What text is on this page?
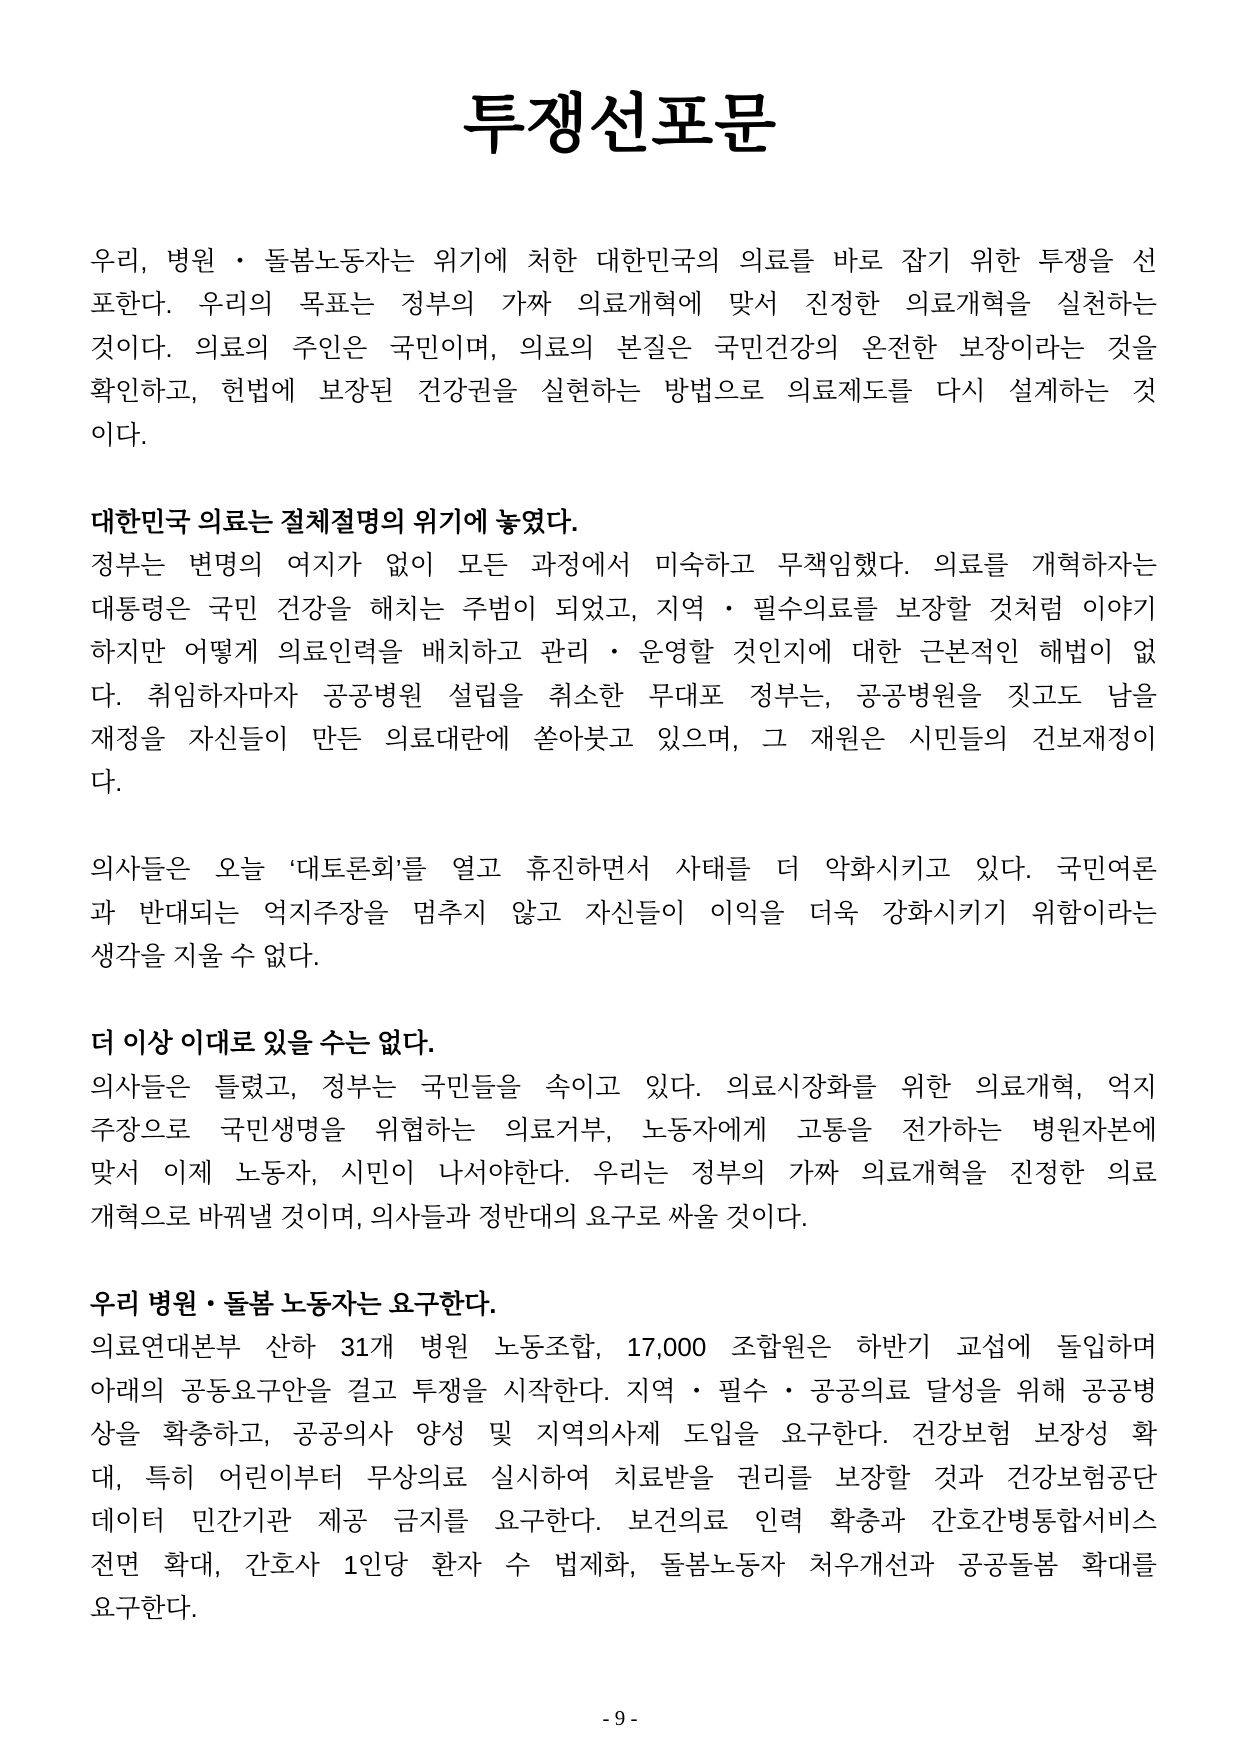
투쟁선포문
우리, 병원・돌봄노동자는 위기에 처한 대한민국의 의료를 바로 잡기 위한 투쟁을 선
포한다. 우리의 목표는 정부의 가짜 의료개혁에 맞서 진정한 의료개혁을 실천하는
것이다. 의료의 주인은 국민이며, 의료의 본질은 국민건강의 온전한 보장이라는 것을
확인하고, 헌법에 보장된 건강권을 실현하는 방법으로 의료제도를 다시 설계하는 것
이다.
대한민국 의료는 절체절명의 위기에 놓였다.
정부는 변명의 여지가 없이 모든 과정에서 미숙하고 무책임했다. 의료를 개혁하자는
대통령은 국민 건강을 해치는 주범이 되었고, 지역・필수의료를 보장할 것처럼 이야기
하지만 어떻게 의료인력을 배치하고 관리・운영할 것인지에 대한 근본적인 해법이 없
다. 취임하자마자 공공병원 설립을 취소한 무대포 정부는, 공공병원을 짓고도 남을
재정을 자신들이 만든 의료대란에 쏟아붓고 있으며, 그 재원은 시민들의 건보재정이
다.
의사들은 오늘 ‘대토론회’를 열고 휴진하면서 사태를 더 악화시키고 있다. 국민여론
과 반대되는 억지주장을 멈추지 않고 자신들이 이익을 더욱 강화시키기 위함이라는
생각을 지울 수 없다.
더 이상 이대로 있을 수는 없다.
의사들은 틀렸고, 정부는 국민들을 속이고 있다. 의료시장화를 위한 의료개혁, 억지
주장으로 국민생명을 위협하는 의료거부, 노동자에게 고통을 전가하는 병원자본에
맞서 이제 노동자, 시민이 나서야한다. 우리는 정부의 가짜 의료개혁을 진정한 의료
개혁으로 바꿔낼 것이며, 의사들과 정반대의 요구로 싸울 것이다.
우리 병원・돌봄 노동자는 요구한다.
의료연대본부 산하 31개 병원 노동조합, 17,000 조합원은 하반기 교섭에 돌입하며
아래의 공동요구안을 걸고 투쟁을 시작한다. 지역・필수・공공의료 달성을 위해 공공병
상을 확충하고, 공공의사 양성 및 지역의사제 도입을 요구한다. 건강보험 보장성 확
대, 특히 어린이부터 무상의료 실시하여 치료받을 권리를 보장할 것과 건강보험공단
데이터 민간기관 제공 금지를 요구한다. 보건의료 인력 확충과 간호간병통합서비스
전면 확대, 간호사 1인당 환자 수 법제화, 돌봄노동자 처우개선과 공공돌봄 확대를
요구한다.
- 9 -
